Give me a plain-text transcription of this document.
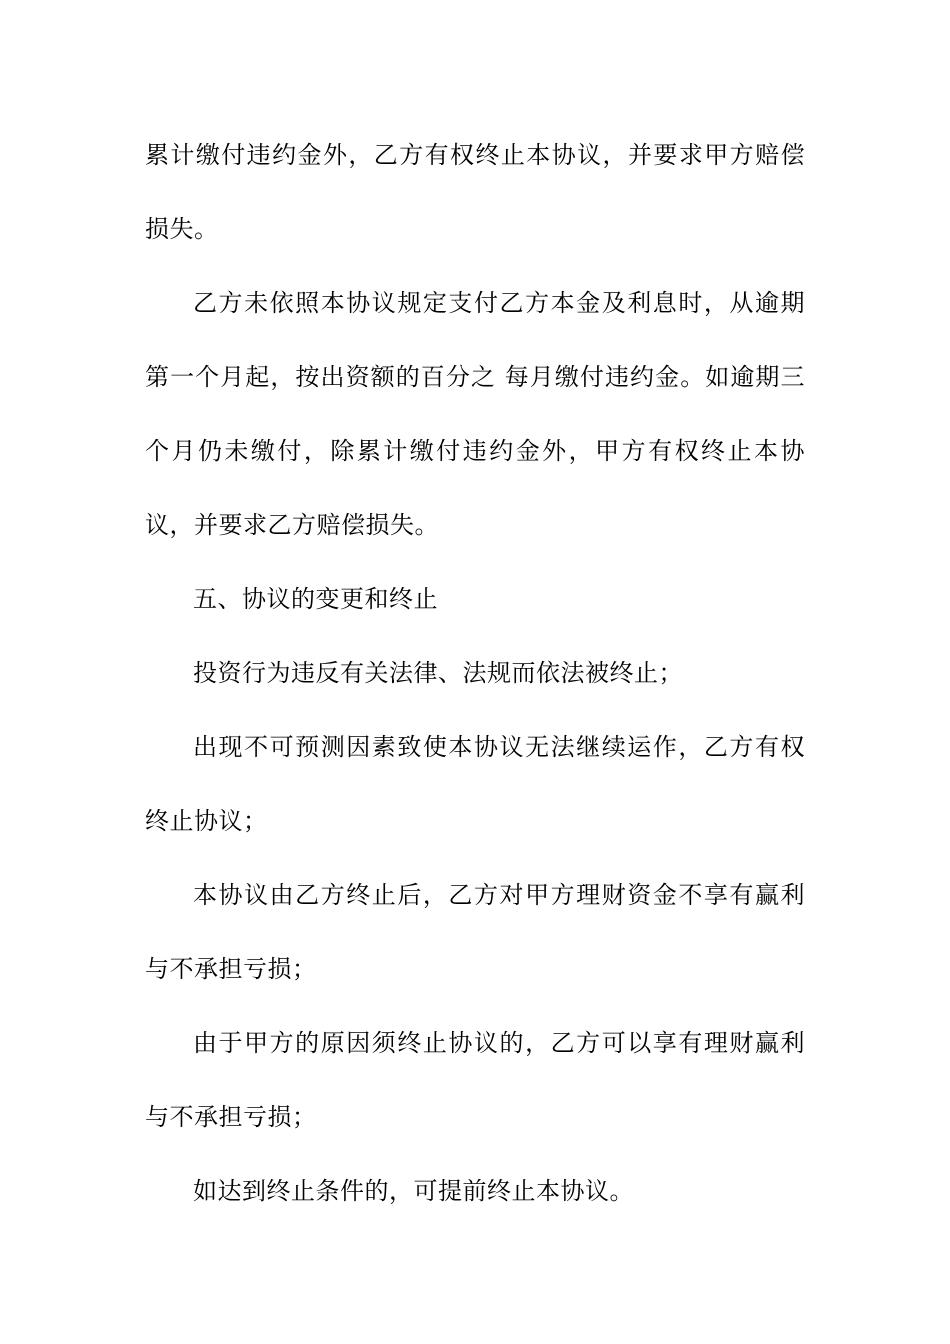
累计缴付违约金外，乙方有权终止本协议，并要求甲方赔偿损失。

乙方未依照本协议规定支付乙方本金及利息时，从逾期第一个月起，按出资额的百分之 每月缴付违约金。如逾期三个月仍未缴付，除累计缴付违约金外，甲方有权终止本协议，并要求乙方赔偿损失。

五、协议的变更和终止

投资行为违反有关法律、法规而依法被终止；

出现不可预测因素致使本协议无法继续运作，乙方有权终止协议；

本协议由乙方终止后，乙方对甲方理财资金不享有赢利与不承担亏损；

由于甲方的原因须终止协议的，乙方可以享有理财赢利与不承担亏损；

如达到终止条件的，可提前终止本协议。
